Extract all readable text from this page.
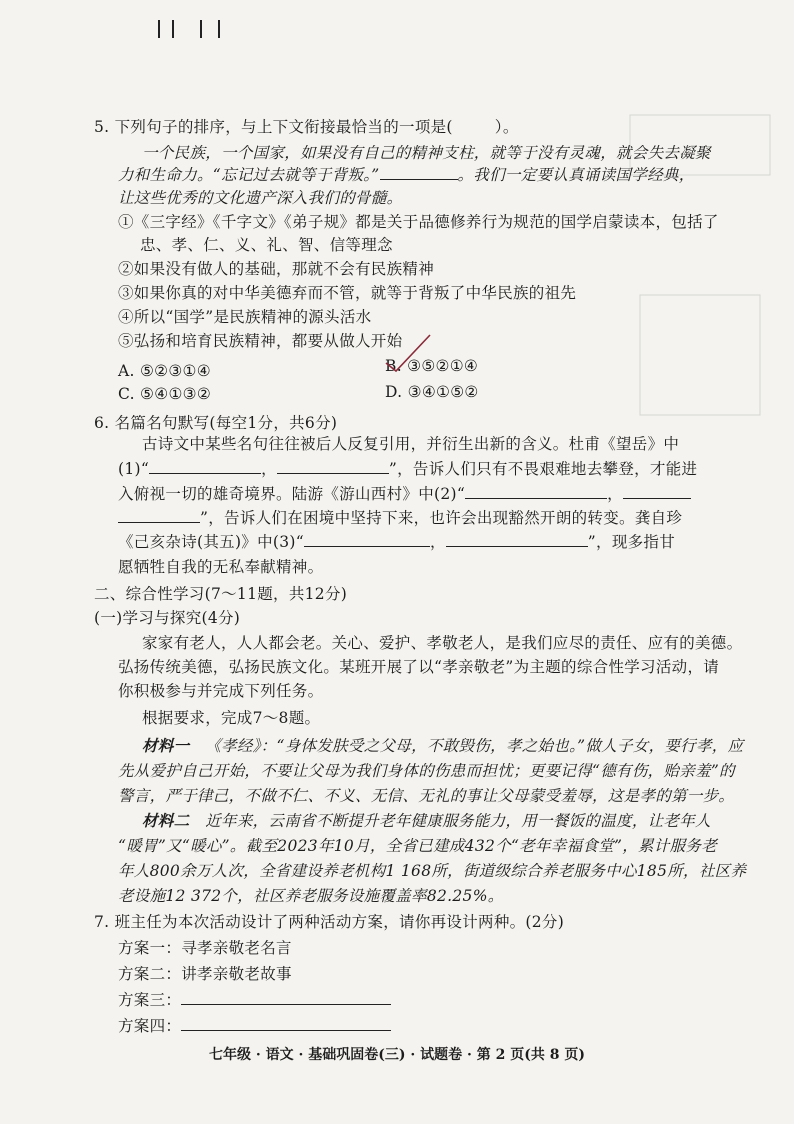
5. 下列句子的排序，与上下文衔接最恰当的一项是(	）。
一个民族，一个国家，如果没有自己的精神支柱，就等于没有灵魂，就会失去凝聚
力和生命力。“忘记过去就等于背叛。”	。我们一定要认真诵读国学经典，
让这些优秀的文化遗产深入我们的骨髓。
①《三字经》《千字文》《弟子规》都是关于品德修养行为规范的国学启蒙读本，包括了
忠、孝、仁、义、礼、智、信等理念
②如果没有做人的基础，那就不会有民族精神
③如果你真的对中华美德弃而不管，就等于背叛了中华民族的祖先
④所以“国学”是民族精神的源头活水
⑤弘扬和培育民族精神，都要从做人开始
A. ⑤②③①④	B. ③⑤②①④
C. ⑤④①③②	D. ③④①⑤②
6. 名篇名句默写(每空1分，共6分)
古诗文中某些名句往往被后人反复引用，并衍生出新的含义。杜甫《望岳》中
(1)“	，	”，告诉人们只有不畏艰难地去攀登，才能进
入俯视一切的雄奇境界。陆游《游山西村》中(2)“	，
”，告诉人们在困境中坚持下来，也许会出现豁然开朗的转变。龚自珍
《己亥杂诗(其五)》中(3)“	，	”，现多指甘
愿牺牲自我的无私奉献精神。
二、综合性学习(7～11题，共12分)
(一)学习与探究(4分)
家家有老人，人人都会老。关心、爱护、孝敬老人，是我们应尽的责任、应有的美德。
弘扬传统美德，弘扬民族文化。某班开展了以“孝亲敬老”为主题的综合性学习活动，请
你积极参与并完成下列任务。
根据要求，完成7～8题。
材料一  《孝经》：“身体发肤受之父母，不敢毁伤，孝之始也。”做人子女，要行孝，应
先从爱护自己开始，不要让父母为我们身体的伤患而担忧；更要记得“德有伤，贻亲羞”的
警言，严于律己，不做不仁、不义、无信、无礼的事让父母蒙受羞辱，这是孝的第一步。
材料二  近年来，云南省不断提升老年健康服务能力，用一餐饭的温度，让老年人
“暖胃”又“暖心”。截至2023年10月，全省已建成432个“老年幸福食堂”，累计服务老
年人800余万人次，全省建设养老机构1 168所，街道级综合养老服务中心185所，社区养
老设施12 372个，社区养老服务设施覆盖率82.25%。
7. 班主任为本次活动设计了两种活动方案，请你再设计两种。(2分)
方案一：寻孝亲敬老名言
方案二：讲孝亲敬老故事
方案三：
方案四：
七年级 · 语文 · 基础巩固卷(三) · 试题卷 · 第 2 页(共 8 页)
